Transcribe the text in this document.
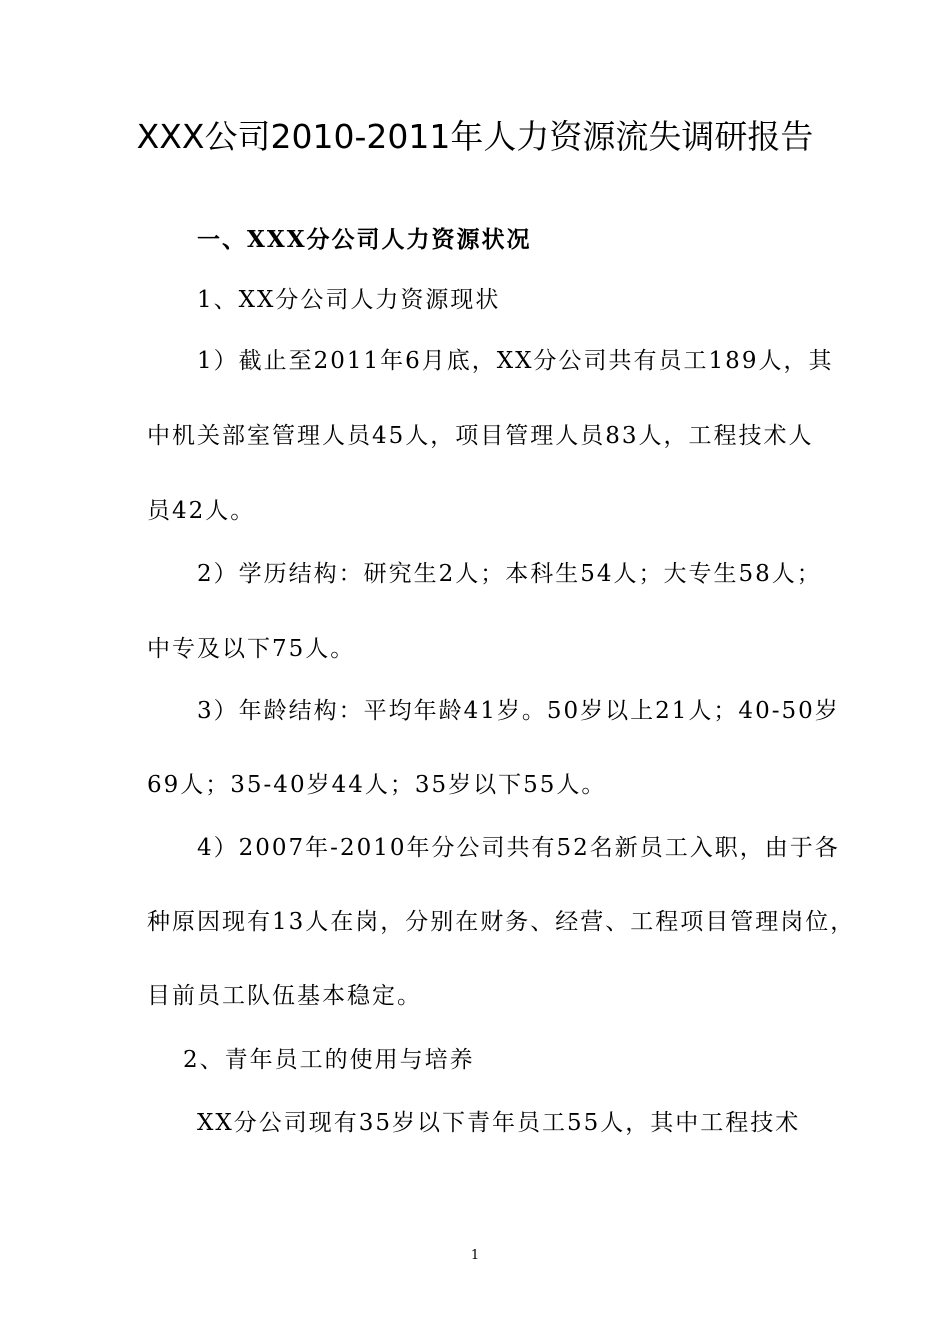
XXX公司2010-2011年人力资源流失调研报告
一、XXX分公司人力资源状况
1、XX分公司人力资源现状
1）截止至2011年6月底，XX分公司共有员工189人，其
中机关部室管理人员45人，项目管理人员83人，工程技术人
员42人。
2）学历结构：研究生2人；本科生54人；大专生58人；
中专及以下75人。
3）年龄结构：平均年龄41岁。50岁以上21人；40-50岁
69人；35-40岁44人；35岁以下55人。
4）2007年-2010年分公司共有52名新员工入职，由于各
种原因现有13人在岗，分别在财务、经营、工程项目管理岗位，
目前员工队伍基本稳定。
2、青年员工的使用与培养
XX分公司现有35岁以下青年员工55人，其中工程技术
1
